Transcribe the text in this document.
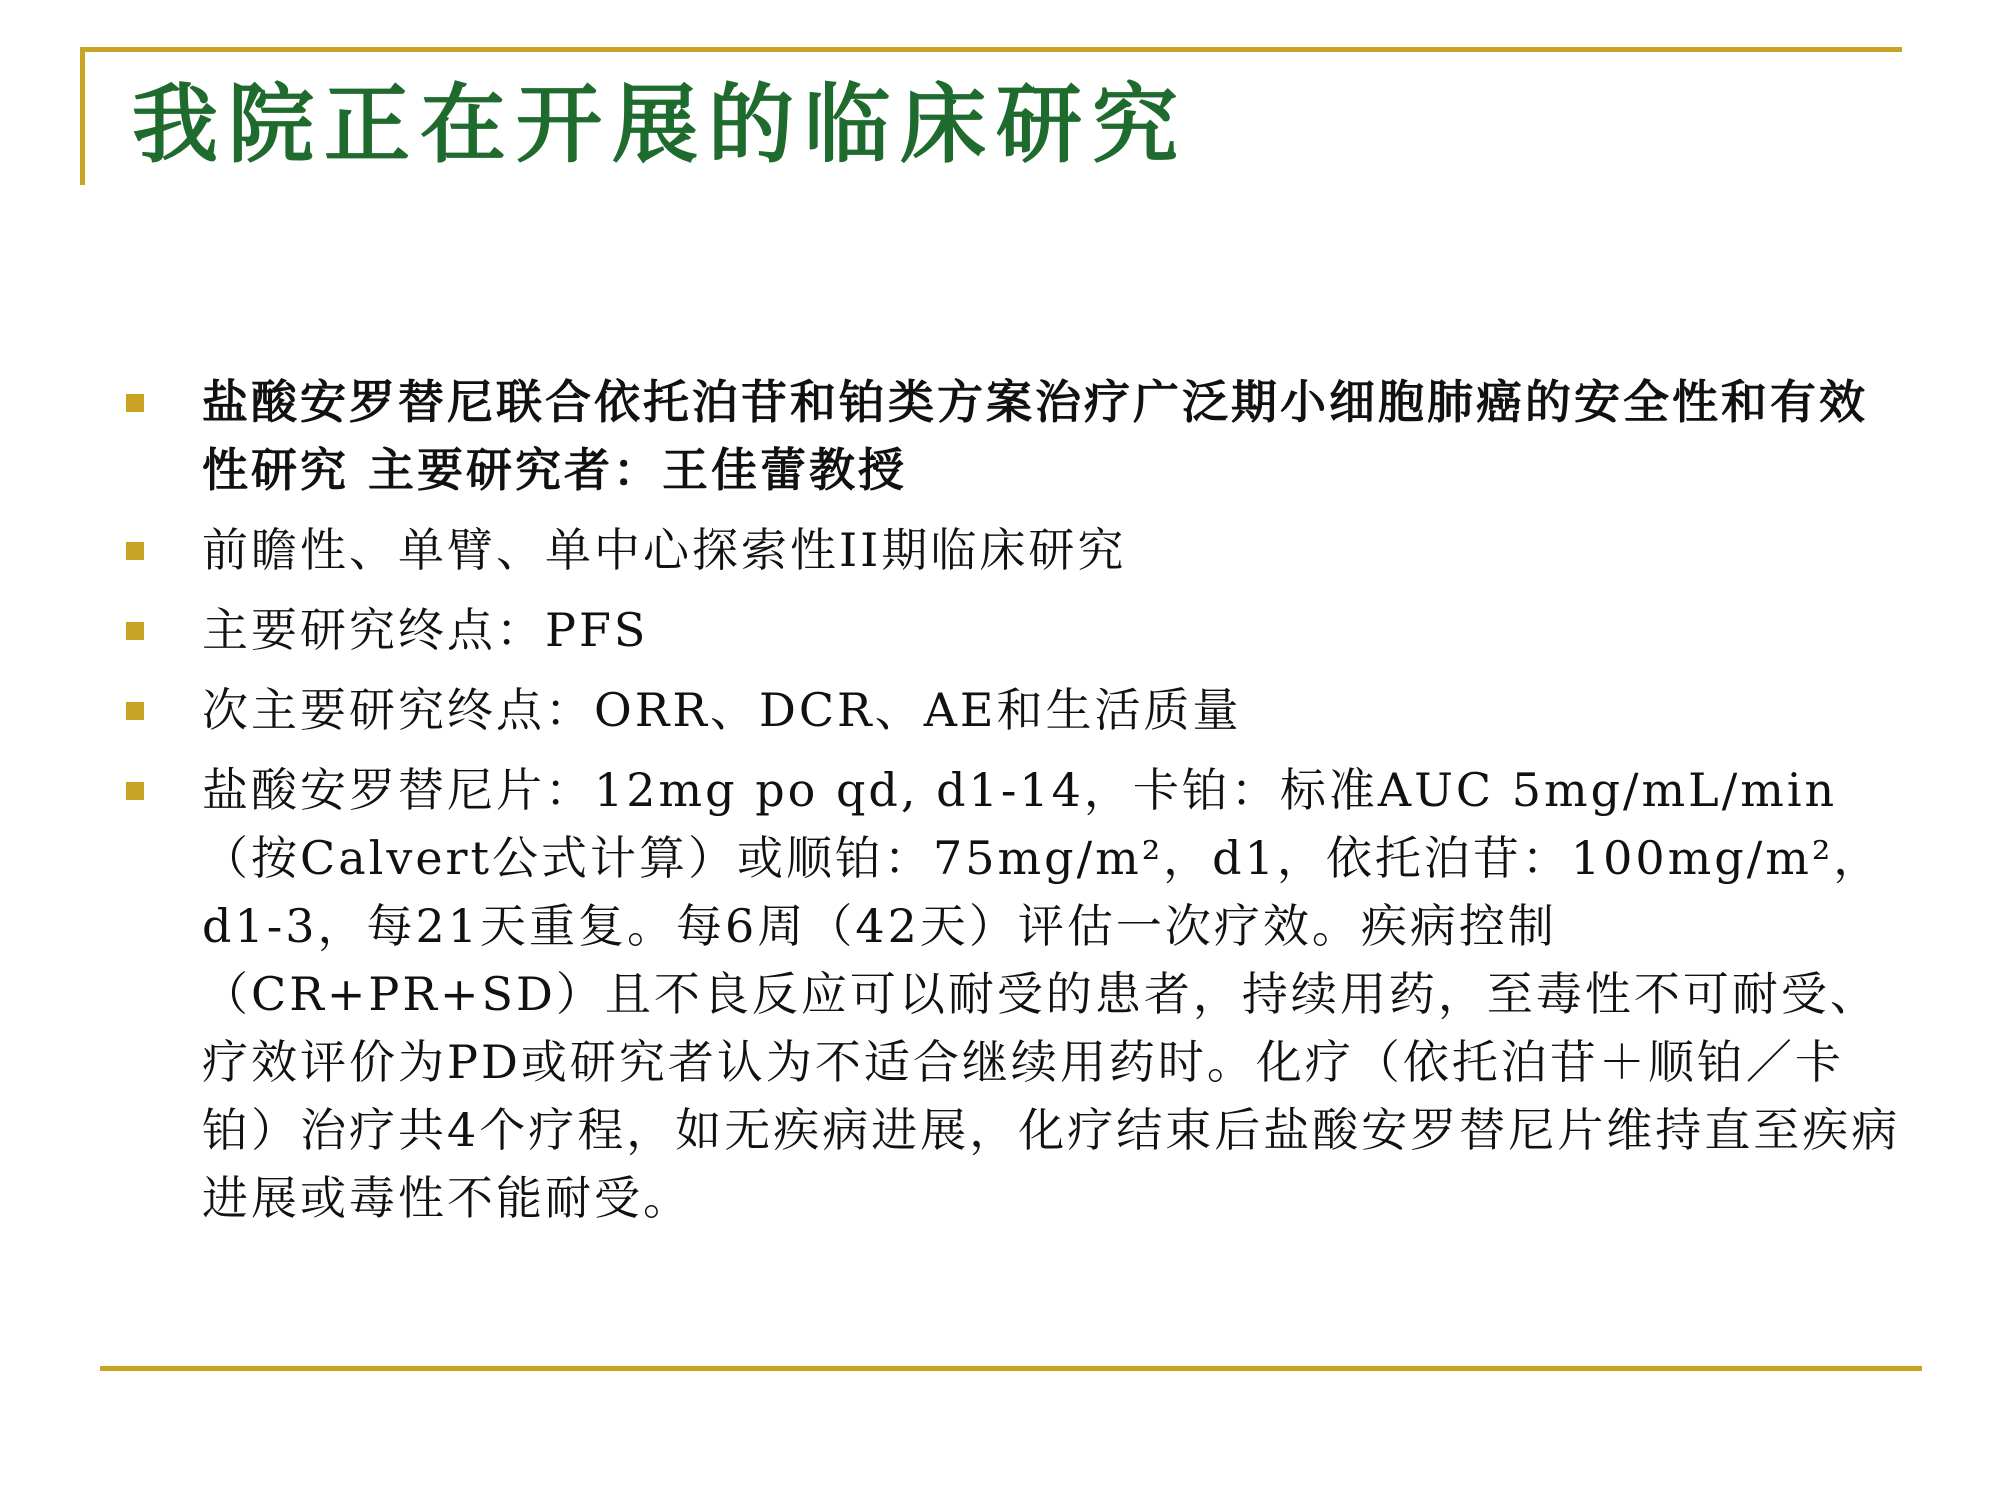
我院正在开展的临床研究
盐酸安罗替尼联合依托泊苷和铂类方案治疗广泛期小细胞肺癌的安全性和有效性研究 主要研究者：王佳蕾教授
前瞻性、单臂、单中心探索性II期临床研究
主要研究终点：PFS
次主要研究终点：ORR、DCR、AE和生活质量
盐酸安罗替尼片：12mg po qd, d1-14，卡铂：标准AUC 5mg/mL/min（按Calvert公式计算）或顺铂：75mg/m²，d1，依托泊苷：100mg/m²，d1-3，每21天重复。每6周（42天）评估一次疗效。疾病控制（CR+PR+SD）且不良反应可以耐受的患者，持续用药，至毒性不可耐受、疗效评价为PD或研究者认为不适合继续用药时。化疗（依托泊苷＋顺铂／卡铂）治疗共4个疗程，如无疾病进展，化疗结束后盐酸安罗替尼片维持直至疾病进展或毒性不能耐受。
